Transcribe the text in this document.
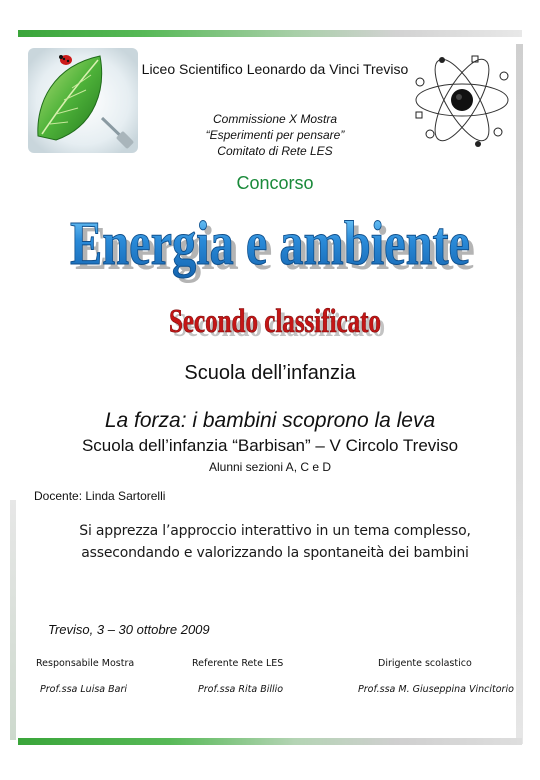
Liceo Scientifico Leonardo da Vinci Treviso
Commissione X Mostra
“Esperimenti per pensare”
Comitato di Rete LES
Concorso
Energia e ambiente
Energia e ambiente
Secondo classificato
Secondo classificato
Scuola dell’infanzia
La forza: i bambini scoprono la leva
Scuola dell’infanzia “Barbisan” – V Circolo Treviso
Alunni sezioni A, C e D
Docente: Linda Sartorelli
Si apprezza l’approccio interattivo in un tema complesso, assecondando e valorizzando la spontaneità dei bambini
Treviso, 3 – 30 ottobre 2009
Responsabile Mostra	Referente Rete LES	Dirigente scolastico
Prof.ssa Luisa Bari	Prof.ssa Rita Billio	Prof.ssa M. Giuseppina Vincitorio
